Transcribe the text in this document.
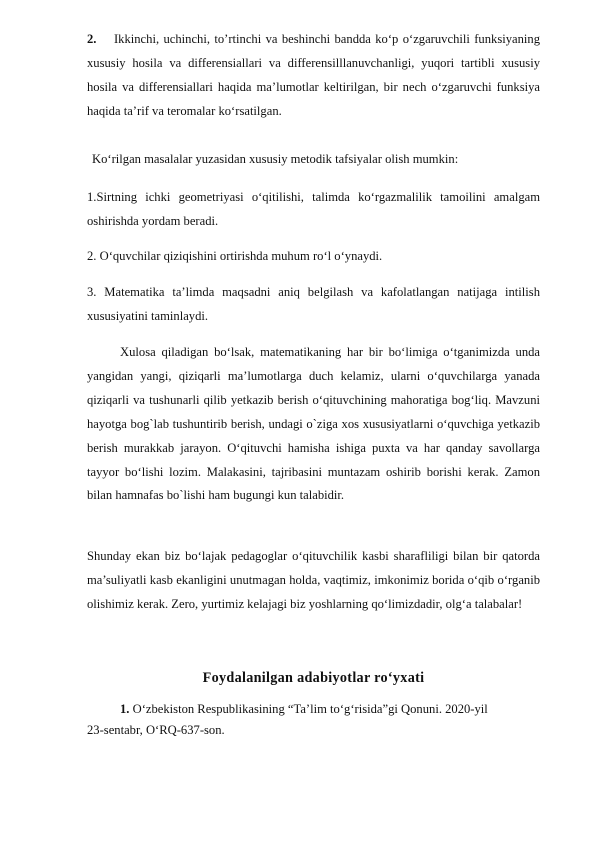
2. Ikkinchi, uchinchi, to’rtinchi va beshinchi bandda ko‘p o‘zgaruvchili funksiyaning xususiy hosila va differensiallari va differensilllanuvchanligi, yuqori tartibli xususiy hosila va differensiallari haqida ma’lumotlar keltirilgan, bir nech o‘zgaruvchi funksiya haqida ta’rif va teromalar ko‘rsatilgan.

Ko‘rilgan masalalar yuzasidan xususiy metodik tafsiyalar olish mumkin:

1.Sirtning ichki geometriyasi o‘qitilishi, talimda ko‘rgazmalilik tamoilini amalgam oshirishda yordam beradi.

2. O‘quvchilar qiziqishini ortirishda muhum ro‘l o‘ynaydi.

3. Matematika ta’limda maqsadni aniq belgilash va kafolatlangan natijaga intilish xususiyatini taminlaydi.

Xulosa qiladigan bo‘lsak, matematikaning har bir bo‘limiga o‘tganimizda unda yangidan yangi, qiziqarli ma’lumotlarga duch kelamiz, ularni o‘quvchilarga yanada qiziqarli va tushunarli qilib yetkazib berish o‘qituvchining mahoratiga bog‘liq. Mavzuni hayotga bog`lab tushuntirib berish, undagi o`ziga xos xususiyatlarni o‘quvchiga yetkazib berish murakkab jarayon. O‘qituvchi hamisha ishiga puxta va har qanday savollarga tayyor bo‘lishi lozim. Malakasini, tajribasini muntazam oshirib borishi kerak. Zamon bilan hamnafas bo`lishi ham bugungi kun talabidir.

Shunday ekan biz bo‘lajak pedagoglar o‘qituvchilik kasbi sharafliligi bilan bir qatorda ma’suliyatli kasb ekanligini unutmagan holda, vaqtimiz, imkonimiz borida o‘qib o‘rganib olishimiz kerak. Zero, yurtimiz kelajagi biz yoshlarning qo‘limizdadir, olg‘a talabalar!

Foydalanilgan adabiyotlar ro‘yxati

1. O‘zbekiston Respublikasining “Ta’lim to‘g‘risida”gi Qonuni. 2020-yil
23-sentabr, O‘RQ-637-son.
